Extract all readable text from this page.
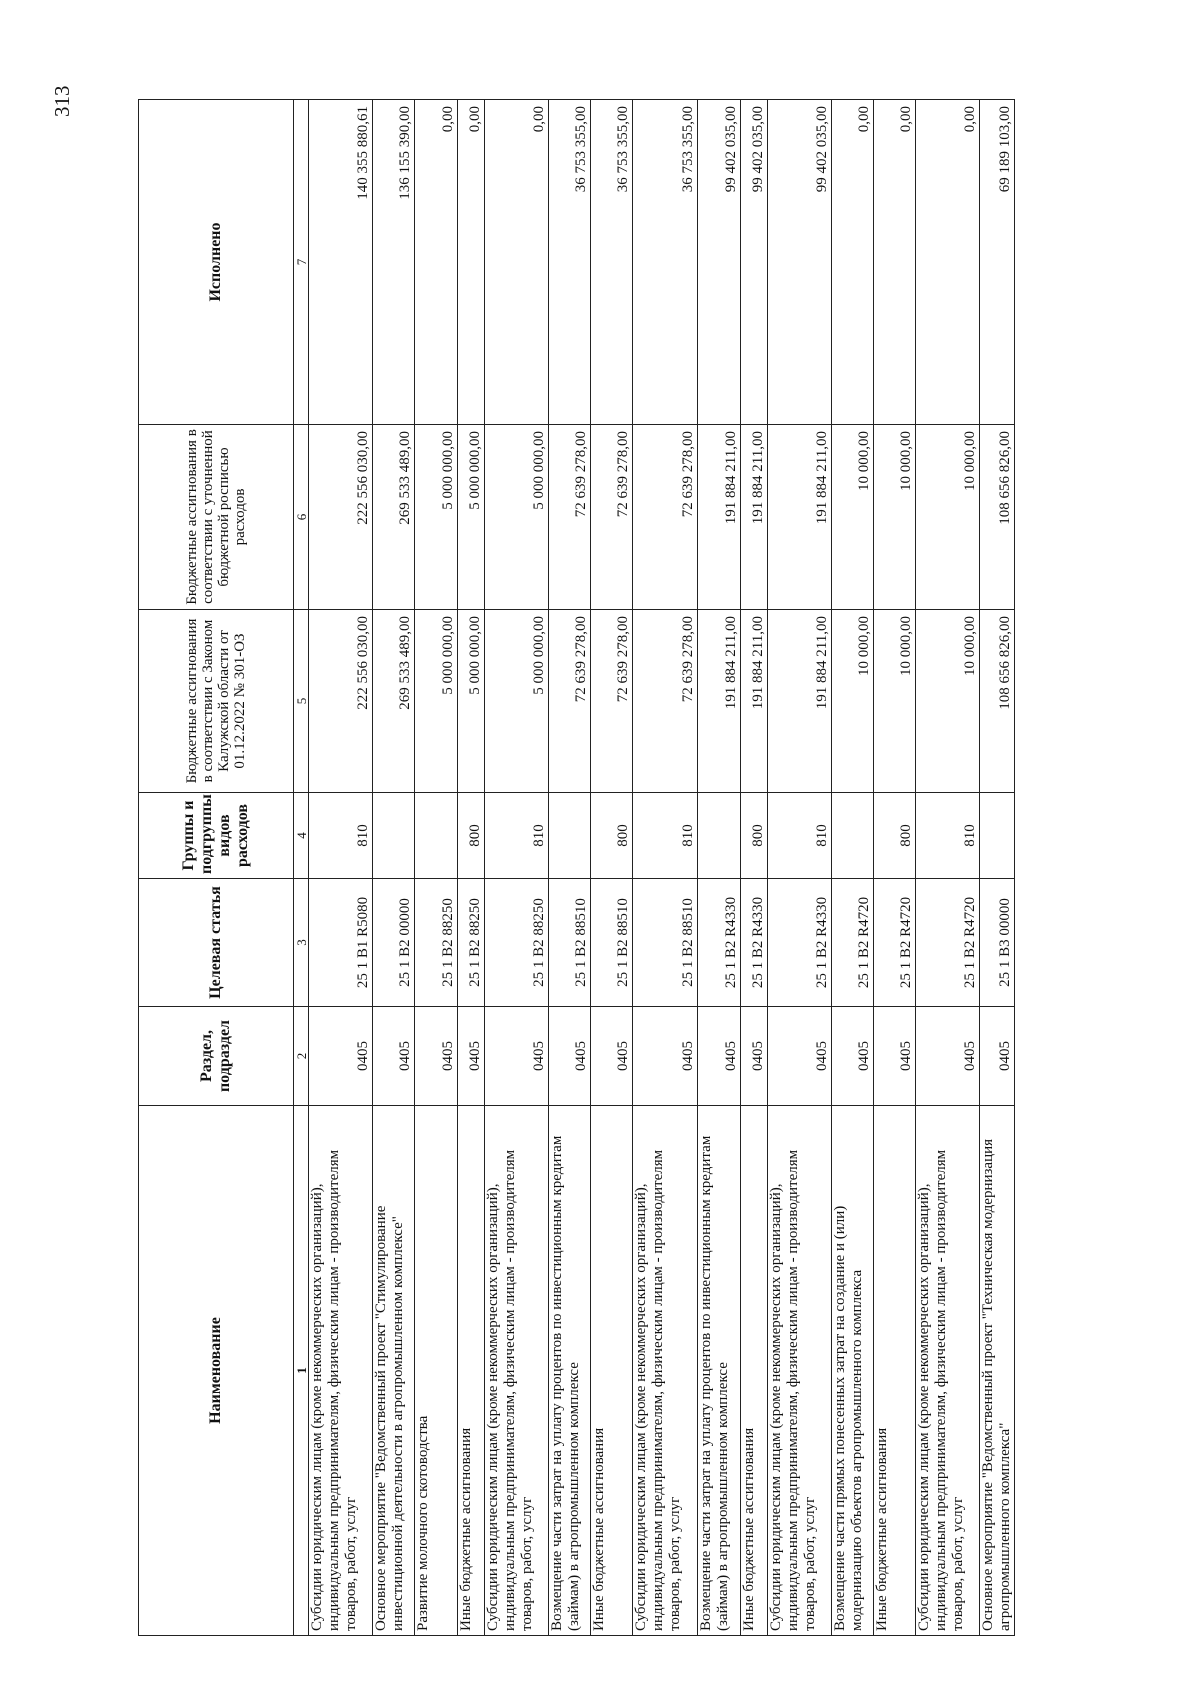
313
Наименование	Раздел, подраздел	Целевая статья	Группы и подгруппы видов расходов	Бюджетные ассигнования в соответствии с Законом Калужской области от 01.12.2022 № 301-ОЗ	Бюджетные ассигнования в соответствии с уточненной бюджетной росписью расходов	Исполнено
1	2	3	4	5	6	7
Субсидии юридическим лицам (кроме некоммерческих организаций), индивидуальным предпринимателям, физическим лицам - производителям товаров, работ, услуг	0405	25 1 B1 R5080	810	222 556 030,00	222 556 030,00	140 355 880,61
Основное мероприятие "Ведомственный проект "Стимулирование инвестиционной деятельности в агропромышленном комплексе"	0405	25 1 B2 00000		269 533 489,00	269 533 489,00	136 155 390,00
Развитие молочного скотоводства	0405	25 1 B2 88250		5 000 000,00	5 000 000,00	0,00
Иные бюджетные ассигнования	0405	25 1 B2 88250	800	5 000 000,00	5 000 000,00	0,00
Субсидии юридическим лицам (кроме некоммерческих организаций), индивидуальным предпринимателям, физическим лицам - производителям товаров, работ, услуг	0405	25 1 B2 88250	810	5 000 000,00	5 000 000,00	0,00
Возмещение части затрат на уплату процентов по инвестиционным кредитам (займам) в агропромышленном комплексе	0405	25 1 B2 88510		72 639 278,00	72 639 278,00	36 753 355,00
Иные бюджетные ассигнования	0405	25 1 B2 88510	800	72 639 278,00	72 639 278,00	36 753 355,00
Субсидии юридическим лицам (кроме некоммерческих организаций), индивидуальным предпринимателям, физическим лицам - производителям товаров, работ, услуг	0405	25 1 B2 88510	810	72 639 278,00	72 639 278,00	36 753 355,00
Возмещение части затрат на уплату процентов по инвестиционным кредитам (займам) в агропромышленном комплексе	0405	25 1 B2 R4330		191 884 211,00	191 884 211,00	99 402 035,00
Иные бюджетные ассигнования	0405	25 1 B2 R4330	800	191 884 211,00	191 884 211,00	99 402 035,00
Субсидии юридическим лицам (кроме некоммерческих организаций), индивидуальным предпринимателям, физическим лицам - производителям товаров, работ, услуг	0405	25 1 B2 R4330	810	191 884 211,00	191 884 211,00	99 402 035,00
Возмещение части прямых понесенных затрат на создание и (или) модернизацию объектов агропромышленного комплекса	0405	25 1 B2 R4720		10 000,00	10 000,00	0,00
Иные бюджетные ассигнования	0405	25 1 B2 R4720	800	10 000,00	10 000,00	0,00
Субсидии юридическим лицам (кроме некоммерческих организаций), индивидуальным предпринимателям, физическим лицам - производителям товаров, работ, услуг	0405	25 1 B2 R4720	810	10 000,00	10 000,00	0,00
Основное мероприятие "Ведомственный проект "Техническая модернизация агропромышленного комплекса"	0405	25 1 B3 00000		108 656 826,00	108 656 826,00	69 189 103,00
